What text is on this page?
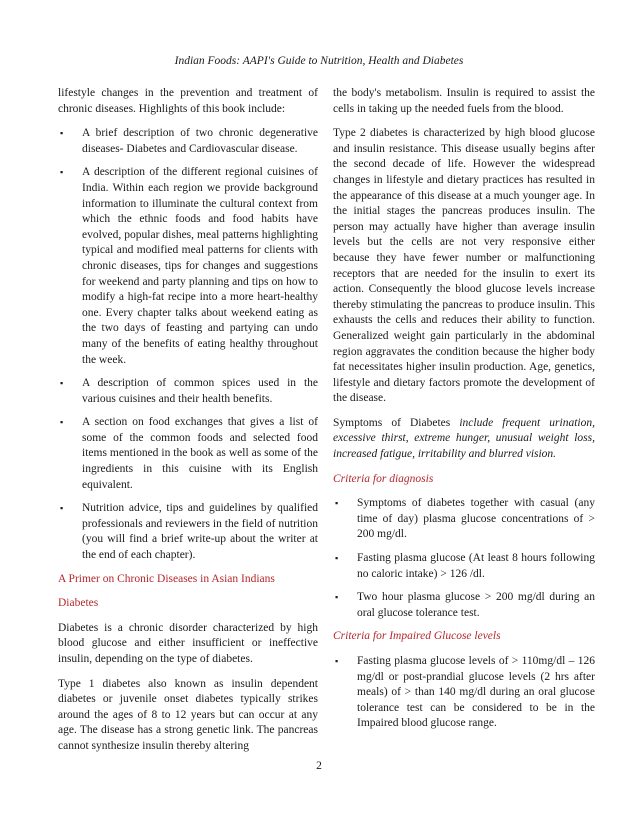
Indian Foods: AAPI's Guide to Nutrition, Health and Diabetes

lifestyle changes in the prevention and treatment of chronic diseases. Highlights of this book include:

▪ A brief description of two chronic degenerative diseases- Diabetes and Cardiovascular disease.
▪ A description of the different regional cuisines of India. Within each region we provide background information to illuminate the cultural context from which the ethnic foods and food habits have evolved, popular dishes, meal patterns highlighting typical and modified meal patterns for clients with chronic diseases, tips for changes and suggestions for weekend and party planning and tips on how to modify a high-fat recipe into a more heart-healthy one. Every chapter talks about weekend eating as the two days of feasting and partying can undo many of the benefits of eating healthy throughout the week.
▪ A description of common spices used in the various cuisines and their health benefits.
▪ A section on food exchanges that gives a list of some of the common foods and selected food items mentioned in the book as well as some of the ingredients in this cuisine with its English equivalent.
▪ Nutrition advice, tips and guidelines by qualified professionals and reviewers in the field of nutrition (you will find a brief write-up about the writer at the end of each chapter).

A Primer on Chronic Diseases in Asian Indians

Diabetes

Diabetes is a chronic disorder characterized by high blood glucose and either insufficient or ineffective insulin, depending on the type of diabetes.

Type 1 diabetes also known as insulin dependent diabetes or juvenile onset diabetes typically strikes around the ages of 8 to 12 years but can occur at any age. The disease has a strong genetic link. The pancreas cannot synthesize insulin thereby altering

the body's metabolism. Insulin is required to assist the cells in taking up the needed fuels from the blood.

Type 2 diabetes is characterized by high blood glucose and insulin resistance. This disease usually begins after the second decade of life. However the widespread changes in lifestyle and dietary practices has resulted in the appearance of this disease at a much younger age. In the initial stages the pancreas produces insulin. The person may actually have higher than average insulin levels but the cells are not very responsive either because they have fewer number or malfunctioning receptors that are needed for the insulin to exert its action. Consequently the blood glucose levels increase thereby stimulating the pancreas to produce insulin. This exhausts the cells and reduces their ability to function. Generalized weight gain particularly in the abdominal region aggravates the condition because the higher body fat necessitates higher insulin production. Age, genetics, lifestyle and dietary factors promote the development of the disease.

Symptoms of Diabetes include frequent urination, excessive thirst, extreme hunger, unusual weight loss, increased fatigue, irritability and blurred vision.

Criteria for diagnosis

▪ Symptoms of diabetes together with casual (any time of day) plasma glucose concentrations of > 200 mg/dl.
▪ Fasting plasma glucose (At least 8 hours following no caloric intake) > 126 /dl.
▪ Two hour plasma glucose > 200 mg/dl during an oral glucose tolerance test.

Criteria for Impaired Glucose levels

▪ Fasting plasma glucose levels of > 110mg/dl – 126 mg/dl or post-prandial glucose levels (2 hrs after meals) of > than 140 mg/dl during an oral glucose tolerance test can be considered to be in the Impaired blood glucose range.
2
